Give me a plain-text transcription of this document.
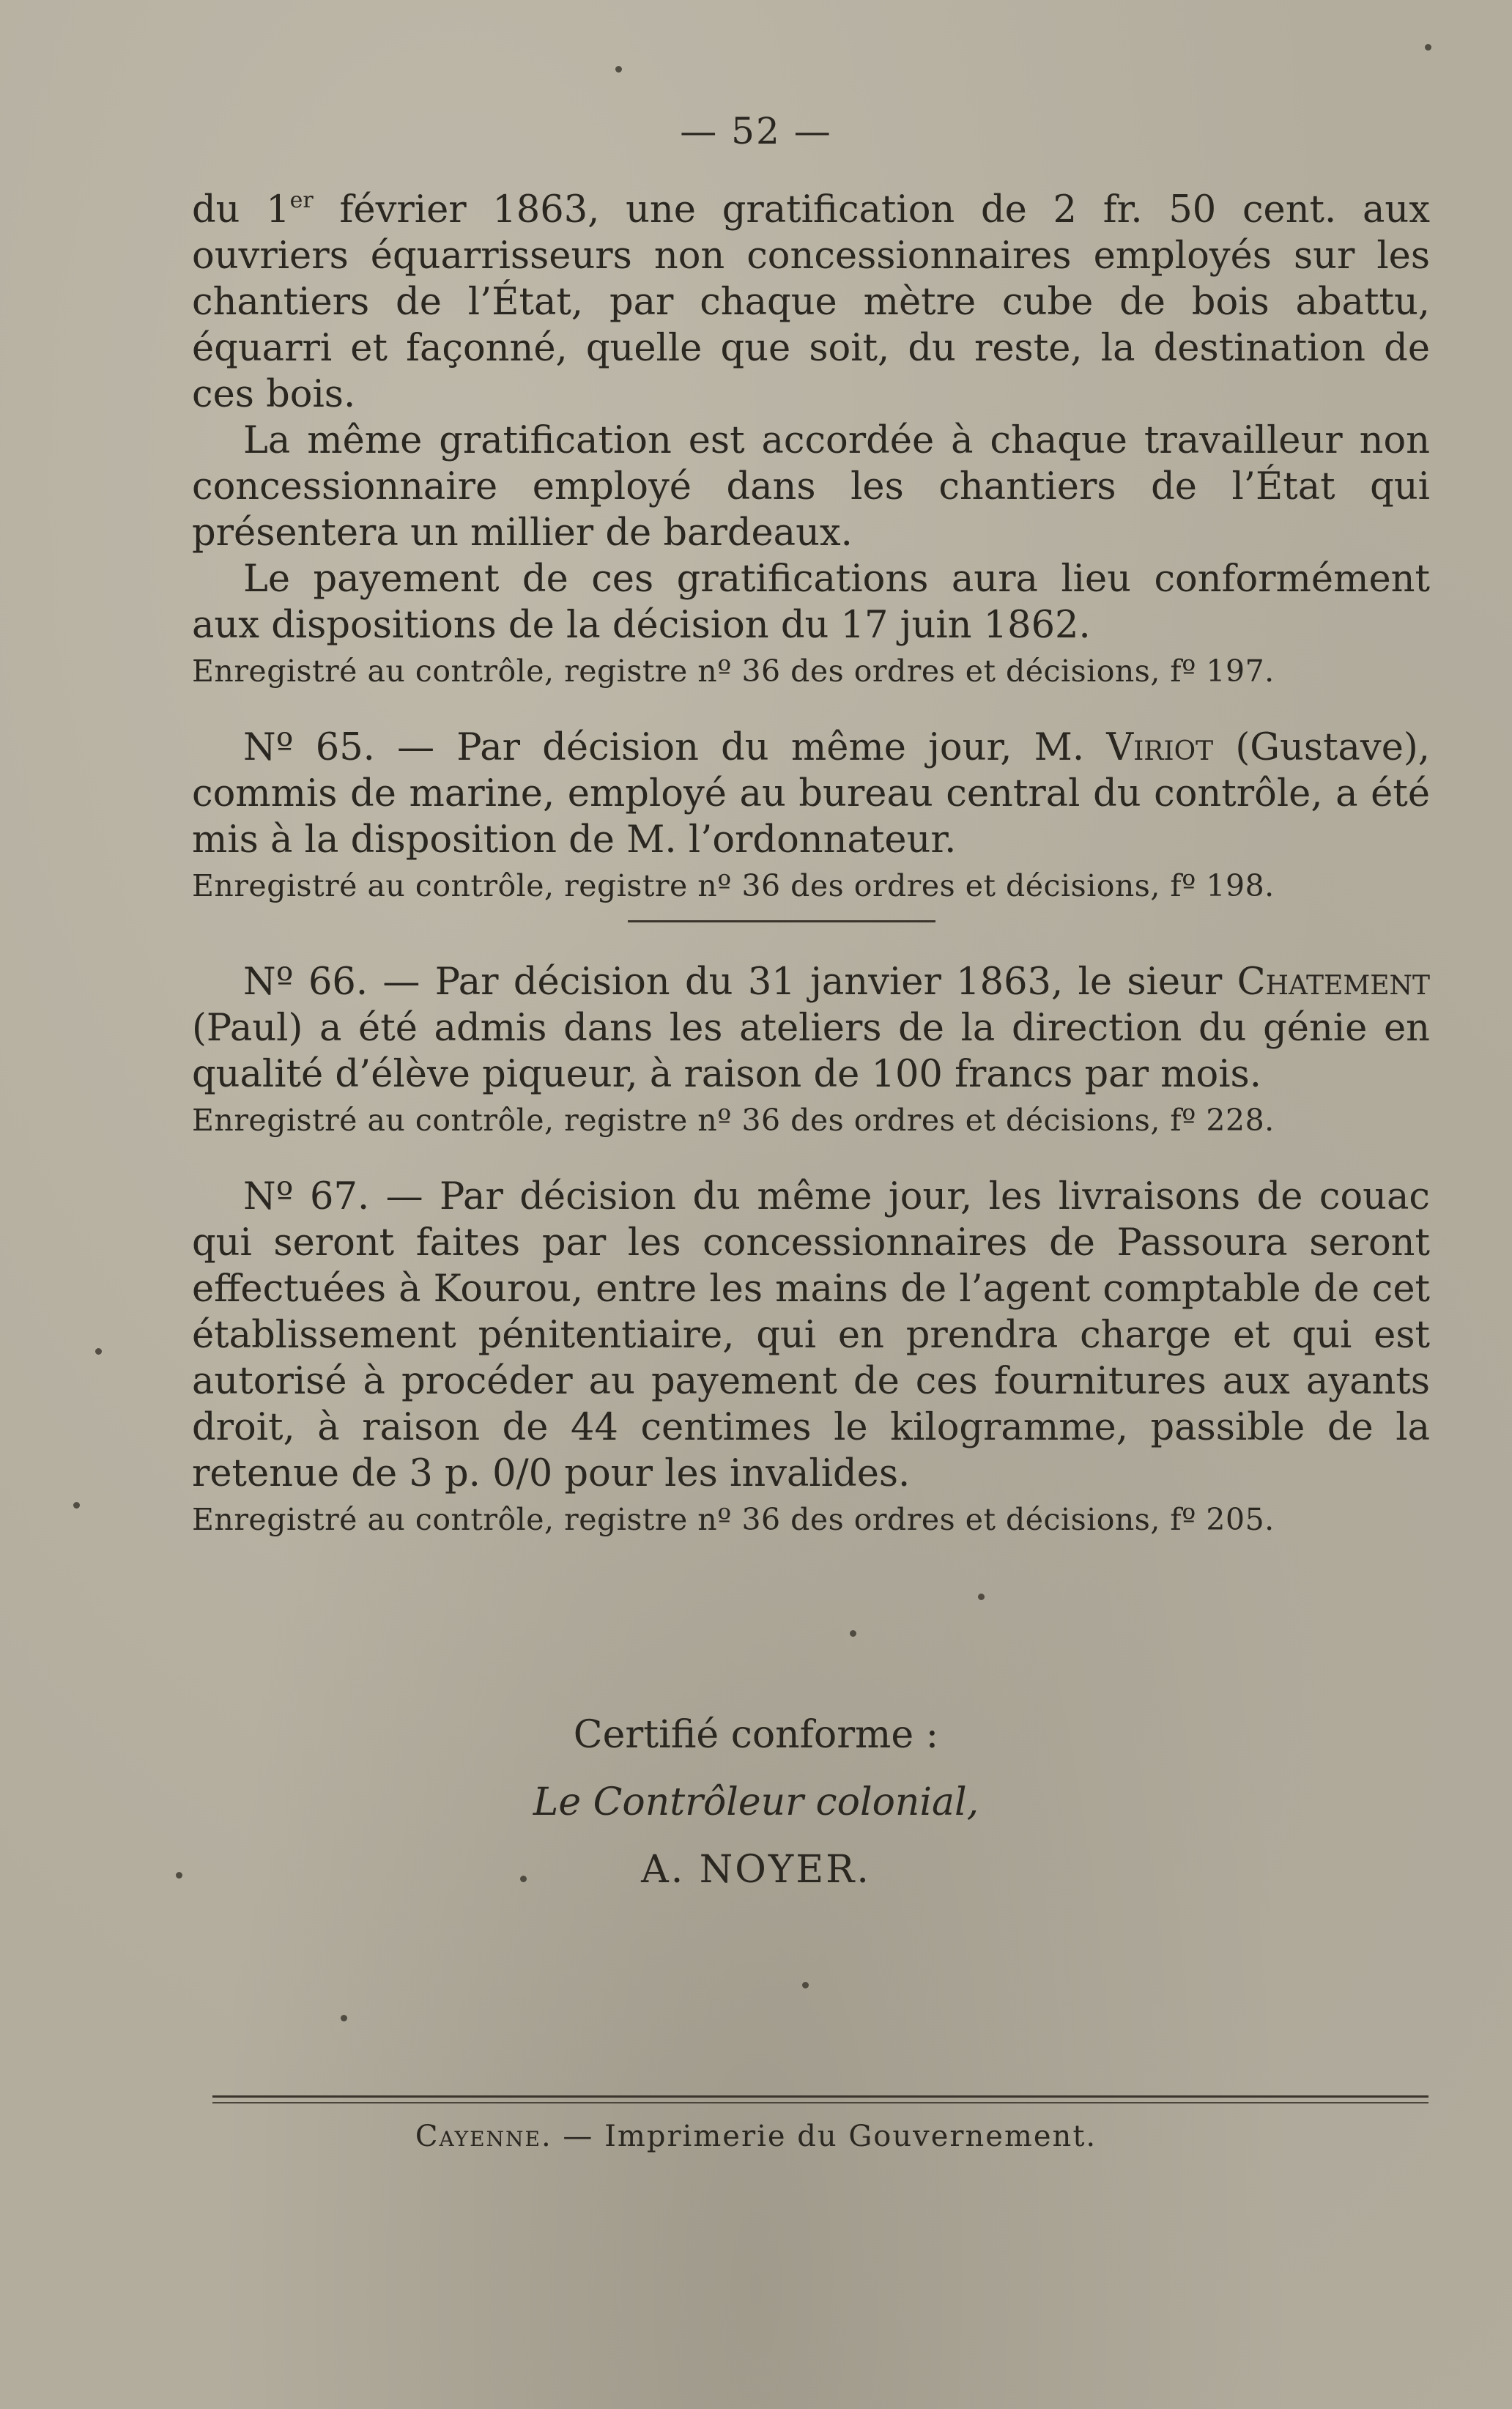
— 52 —

du 1er février 1863, une gratification de 2 fr. 50 cent. aux ouvriers équarrisseurs non concessionnaires employés sur les chantiers de l’État, par chaque mètre cube de bois abattu, équarri et façonné, quelle que soit, du reste, la destination de ces bois.

La même gratification est accordée à chaque travailleur non concessionnaire employé dans les chantiers de l’État qui présentera un millier de bardeaux.

Le payement de ces gratifications aura lieu conformément aux dispositions de la décision du 17 juin 1862.

Enregistré au contrôle, registre nº 36 des ordres et décisions, fº 197.

Nº 65. — Par décision du même jour, M. Viriot (Gustave), commis de marine, employé au bureau central du contrôle, a été mis à la disposition de M. l’ordonnateur.

Enregistré au contrôle, registre nº 36 des ordres et décisions, fº 198.

Nº 66. — Par décision du 31 janvier 1863, le sieur Chatement (Paul) a été admis dans les ateliers de la direction du génie en qualité d’élève piqueur, à raison de 100 francs par mois.

Enregistré au contrôle, registre nº 36 des ordres et décisions, fº 228.

Nº 67. — Par décision du même jour, les livraisons de couac qui seront faites par les concessionnaires de Passoura seront effectuées à Kourou, entre les mains de l’agent comptable de cet établissement pénitentiaire, qui en prendra charge et qui est autorisé à procéder au payement de ces fournitures aux ayants droit, à raison de 44 centimes le kilogramme, passible de la retenue de 3 p. 0/0 pour les invalides.

Enregistré au contrôle, registre nº 36 des ordres et décisions, fº 205.

Certifié conforme :
Le Contrôleur colonial,
A. NOYER.
Cayenne. — Imprimerie du Gouvernement.
